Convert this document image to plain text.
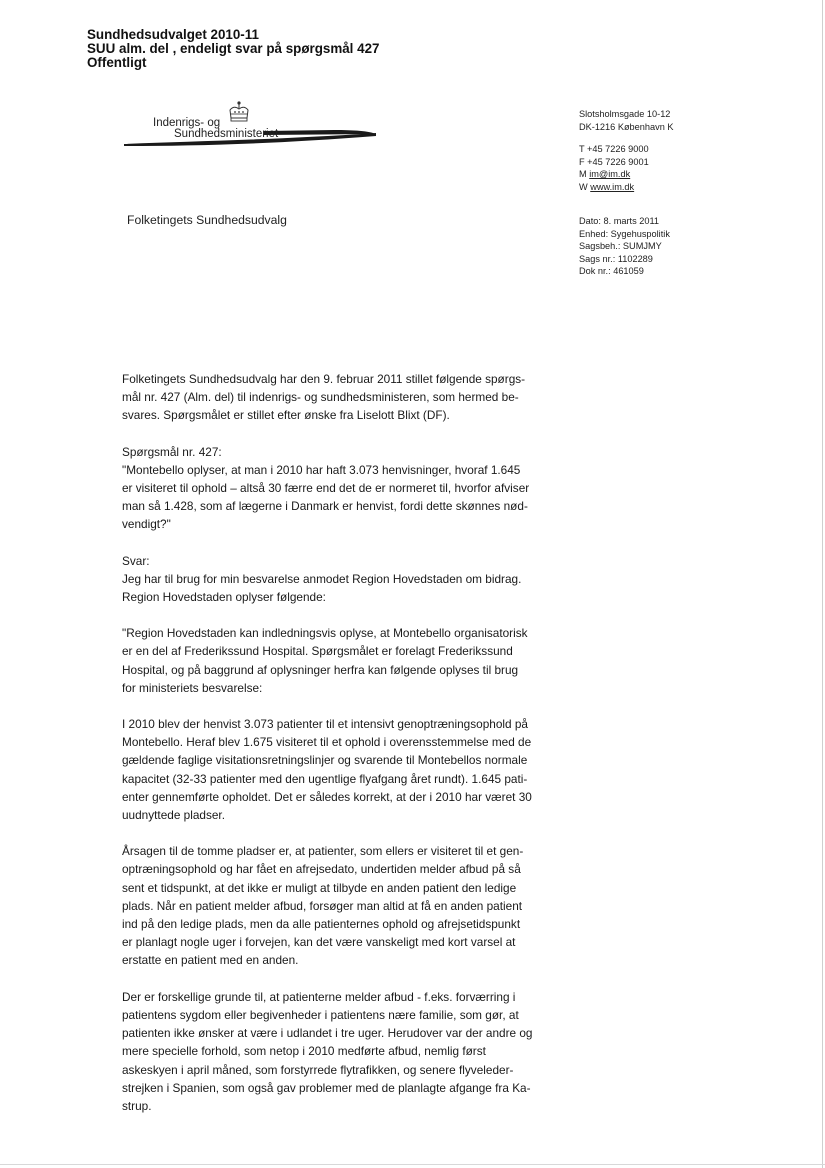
Sundhedsudvalget 2010-11
SUU alm. del , endeligt svar på spørgsmål 427
Offentligt
Indenrigs- og
Sundhedsministeriet
Slotsholmsgade 10-12
DK-1216 København K
T +45 7226 9000
F +45 7226 9001
M im@im.dk
W www.im.dk
Folketingets Sundhedsudvalg	Dato: 8. marts 2011
Enhed: Sygehuspolitik
Sagsbeh.: SUMJMY
Sags nr.: 1102289
Dok nr.: 461059

Folketingets Sundhedsudvalg har den 9. februar 2011 stillet følgende spørgs-
mål nr. 427 (Alm. del) til indenrigs- og sundhedsministeren, som hermed be-
svares. Spørgsmålet er stillet efter ønske fra Liselott Blixt (DF).

Spørgsmål nr. 427:

"Montebello oplyser, at man i 2010 har haft 3.073 henvisninger, hvoraf 1.645
er visiteret til ophold – altså 30 færre end det de er normeret til, hvorfor afviser
man så 1.428, som af lægerne i Danmark er henvist, fordi dette skønnes nød-
vendigt?"

Svar:

Jeg har til brug for min besvarelse anmodet Region Hovedstaden om bidrag.
Region Hovedstaden oplyser følgende:

"Region Hovedstaden kan indledningsvis oplyse, at Montebello organisatorisk
er en del af Frederikssund Hospital. Spørgsmålet er forelagt Frederikssund
Hospital, og på baggrund af oplysninger herfra kan følgende oplyses til brug
for ministeriets besvarelse:

I 2010 blev der henvist 3.073 patienter til et intensivt genoptræningsophold på
Montebello. Heraf blev 1.675 visiteret til et ophold i overensstemmelse med de
gældende faglige visitationsretningslinjer og svarende til Montebellos normale
kapacitet (32-33 patienter med den ugentlige flyafgang året rundt). 1.645 pati-
enter gennemførte opholdet. Det er således korrekt, at der i 2010 har været 30
uudnyttede pladser.

Årsagen til de tomme pladser er, at patienter, som ellers er visiteret til et gen-
optræningsophold og har fået en afrejsedato, undertiden melder afbud på så
sent et tidspunkt, at det ikke er muligt at tilbyde en anden patient den ledige
plads. Når en patient melder afbud, forsøger man altid at få en anden patient
ind på den ledige plads, men da alle patienternes ophold og afrejsetidspunkt
er planlagt nogle uger i forvejen, kan det være vanskeligt med kort varsel at
erstatte en patient med en anden.

Der er forskellige grunde til, at patienterne melder afbud - f.eks. forværring i
patientens sygdom eller begivenheder i patientens nære familie, som gør, at
patienten ikke ønsker at være i udlandet i tre uger. Herudover var der andre og
mere specielle forhold, som netop i 2010 medførte afbud, nemlig først
askeskyen i april måned, som forstyrrede flytrafikken, og senere flyveleder-
strejken i Spanien, som også gav problemer med de planlagte afgange fra Ka-
strup.
